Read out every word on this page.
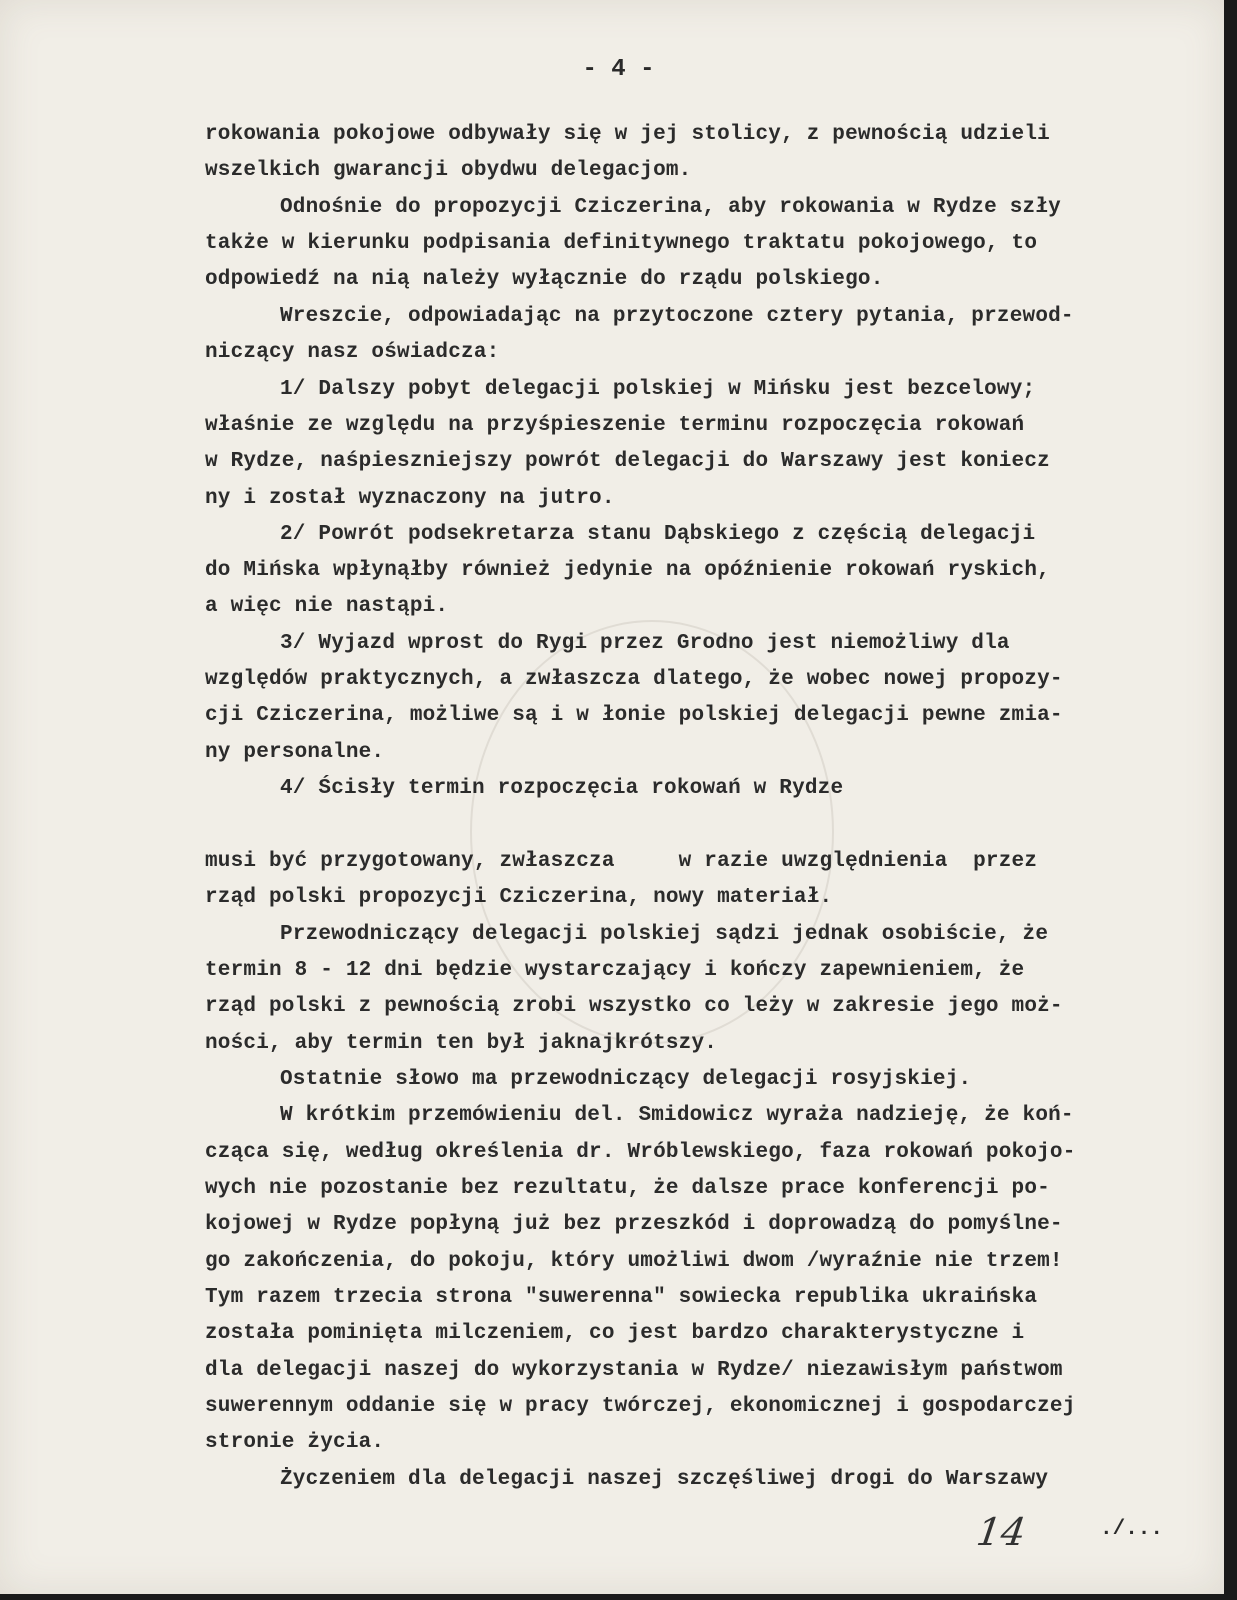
- 4 -
rokowania pokojowe odbywały się w jej stolicy, z pewnością udzieli
wszelkich gwarancji obydwu delegacjom.
Odnośnie do propozycji Cziczerina, aby rokowania w Rydze szły
także w kierunku podpisania definitywnego traktatu pokojowego, to
odpowiedź na nią należy wyłącznie do rządu polskiego.
Wreszcie, odpowiadając na przytoczone cztery pytania, przewod-
niczący nasz oświadcza:
1/ Dalszy pobyt delegacji polskiej w Mińsku jest bezcelowy;
właśnie ze względu na przyśpieszenie terminu rozpoczęcia rokowań
w Rydze, naśpieszniejszy powrót delegacji do Warszawy jest koniecz
ny i został wyznaczony na jutro.
2/ Powrót podsekretarza stanu Dąbskiego z częścią delegacji
do Mińska wpłynąłby również jedynie na opóźnienie rokowań ryskich,
a więc nie nastąpi.
3/ Wyjazd wprost do Rygi przez Grodno jest niemożliwy dla
względów praktycznych, a zwłaszcza dlatego, że wobec nowej propozy-
cji Cziczerina, możliwe są i w łonie polskiej delegacji pewne zmia-
ny personalne.
4/ Ścisły termin rozpoczęcia rokowań w Rydze
musi być przygotowany, zwłaszcza     w razie uwzględnienia  przez
rząd polski propozycji Cziczerina, nowy materiał.
Przewodniczący delegacji polskiej sądzi jednak osobiście, że
termin 8 - 12 dni będzie wystarczający i kończy zapewnieniem, że
rząd polski z pewnością zrobi wszystko co leży w zakresie jego moż-
ności, aby termin ten był jaknajkrótszy.
Ostatnie słowo ma przewodniczący delegacji rosyjskiej.
W krótkim przemówieniu del. Smidowicz wyraża nadzieję, że koń-
cząca się, według określenia dr. Wróblewskiego, faza rokowań pokojo-
wych nie pozostanie bez rezultatu, że dalsze prace konferencji po-
kojowej w Rydze popłyną już bez przeszkód i doprowadzą do pomyślne-
go zakończenia, do pokoju, który umożliwi dwom /wyraźnie nie trzem!
Tym razem trzecia strona "suwerenna" sowiecka republika ukraińska
została pominięta milczeniem, co jest bardzo charakterystyczne i
dla delegacji naszej do wykorzystania w Rydze/ niezawisłym państwom
suwerennym oddanie się w pracy twórczej, ekonomicznej i gospodarczej
stronie życia.
Życzeniem dla delegacji naszej szczęśliwej drogi do Warszawy
14	./...
